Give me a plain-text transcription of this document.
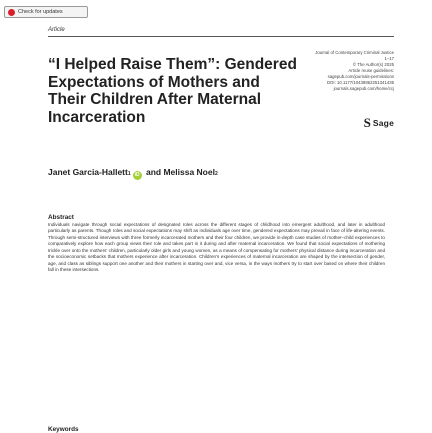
Check for updates
Article
“I Helped Raise Them”: Gendered Expectations of Mothers and Their Children After Maternal Incarceration
Journal of Contemporary Criminal Justice
1–17
© The Author(s) 2025
Article reuse guidelines:
sagepub.com/journals-permissions
DOI: 10.1177/10439862251341435
journals.sagepub.com/home/ccj
S Sage
Janet Garcia-Hallett 1 iD and Melissa Noel 2
Abstract

Individuals navigate through social expectations of designated roles across the different stages of childhood into emergent adulthood, and later in adulthood particularly as parents. Though roles and social expectations may shift as individuals age over time, gendered expectations may prevail in face of life-altering events. Through semi-structured interviews with three formerly incarcerated mothers and their four children, we provide in-depth case studies of mother–child experiences to comparatively explore how each group views their role and takes part in it during and after maternal incarceration. We found that social expectations of mothering trickle over onto the mothers’ children, particularly older girls and young women, as a means of compensating for mothers’ physical distance during incarceration and the socioeconomic setbacks that mothers experience after incarceration. Children’s experiences of maternal incarceration are shaped by the intersection of gender, age, and class as siblings support one another and their mothers in starting over and, vice versa, in the ways mothers try to start over based on where their children fall in these intersections.

Keywords
